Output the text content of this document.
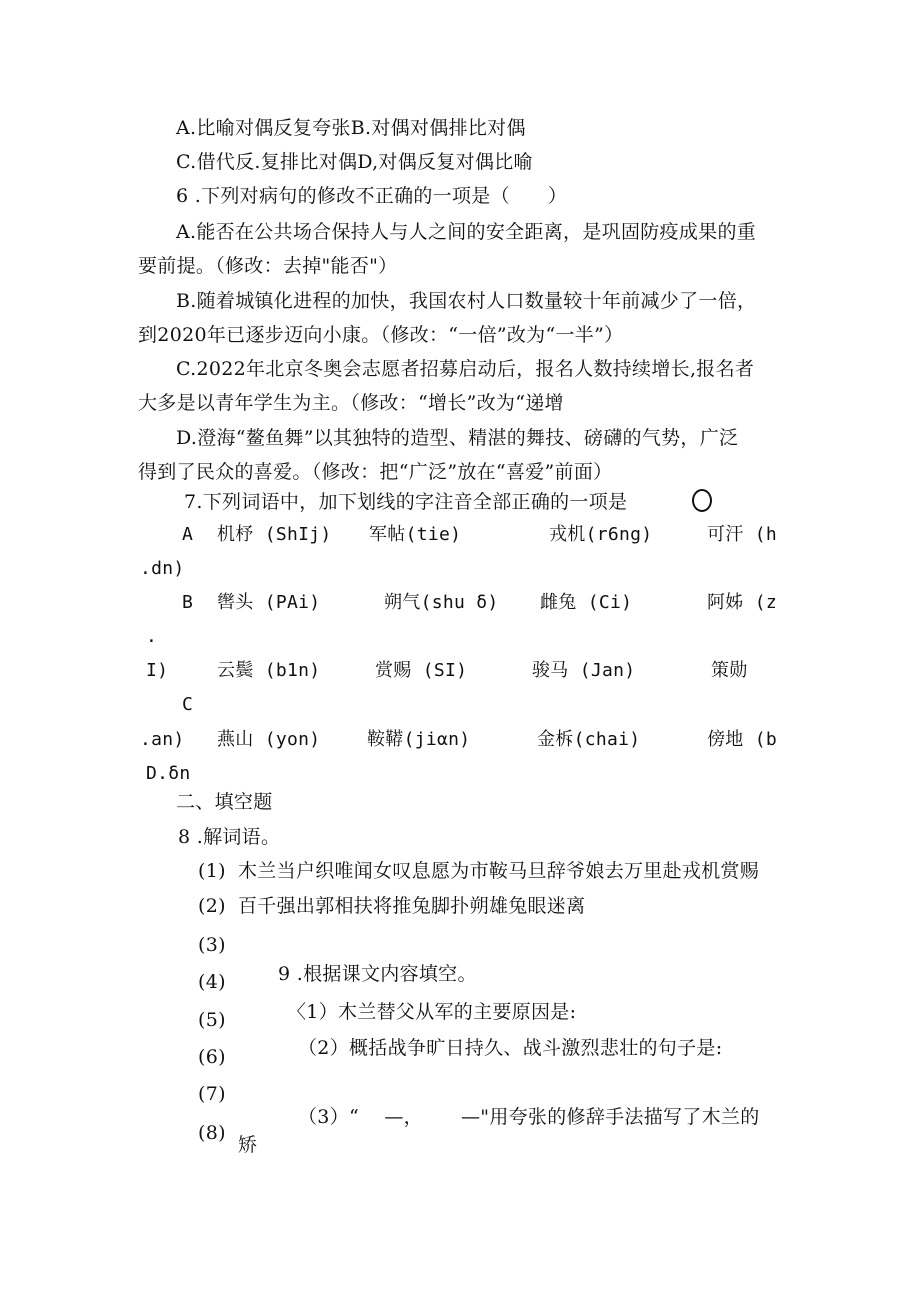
A.比喻对偶反复夸张B.对偶对偶排比对偶
C.借代反.复排比对偶D,对偶反复对偶比喻
6 .下列对病句的修改不正确的一项是（      ）
A.能否在公共场合保持人与人之间的安全距离，是巩固防疫成果的重
要前提。（修改：去掉"能否"）
B.随着城镇化进程的加快，我国农村人口数量较十年前减少了一倍，
到2020年已逐步迈向小康。（修改：“一倍”改为“一半”）
C.2022年北京冬奥会志愿者招募启动后，报名人数持续增长,报名者
大多是以青年学生为主。（修改：“增长”改为“递增
D.澄海“鳌鱼舞”以其独特的造型、精湛的舞技、磅礴的气势，广泛
得到了民众的喜爱。（修改：把“广泛”放在“喜爱”前面）
7.下列词语中，加下划线的字注音全部正确的一项是
A 机杼 (ShIj) 军帖(tie)	戎机(r6ng)	可汗 (h
.dn)
B 辔头 (PAi)	朔气(shu δ) 雌兔 (Ci)	阿姊 (z
.
I)	云鬓 (b1n)	赏赐 (SI)	骏马 (Jan)	策勋
C
.an) 燕山 (yon)	鞍鞯(jiαn)	金柝(chai)	傍地 (b
D.δn
二、填空题
8 .解词语。
(1) 木兰当户织唯闻女叹息愿为市鞍马旦辞爷娘去万里赴戎机赏赐
(2) 百千强出郭相扶将推兔脚扑朔雄兔眼迷离
(3)
(4)
(5)
(6)
(7)
(8)
9 .根据课文内容填空。
〈1）木兰替父从军的主要原因是:
（2）概括战争旷日持久、战斗激烈悲壮的句子是:
（3）“    —，      —"用夸张的修辞手法描写了木兰的
矫
